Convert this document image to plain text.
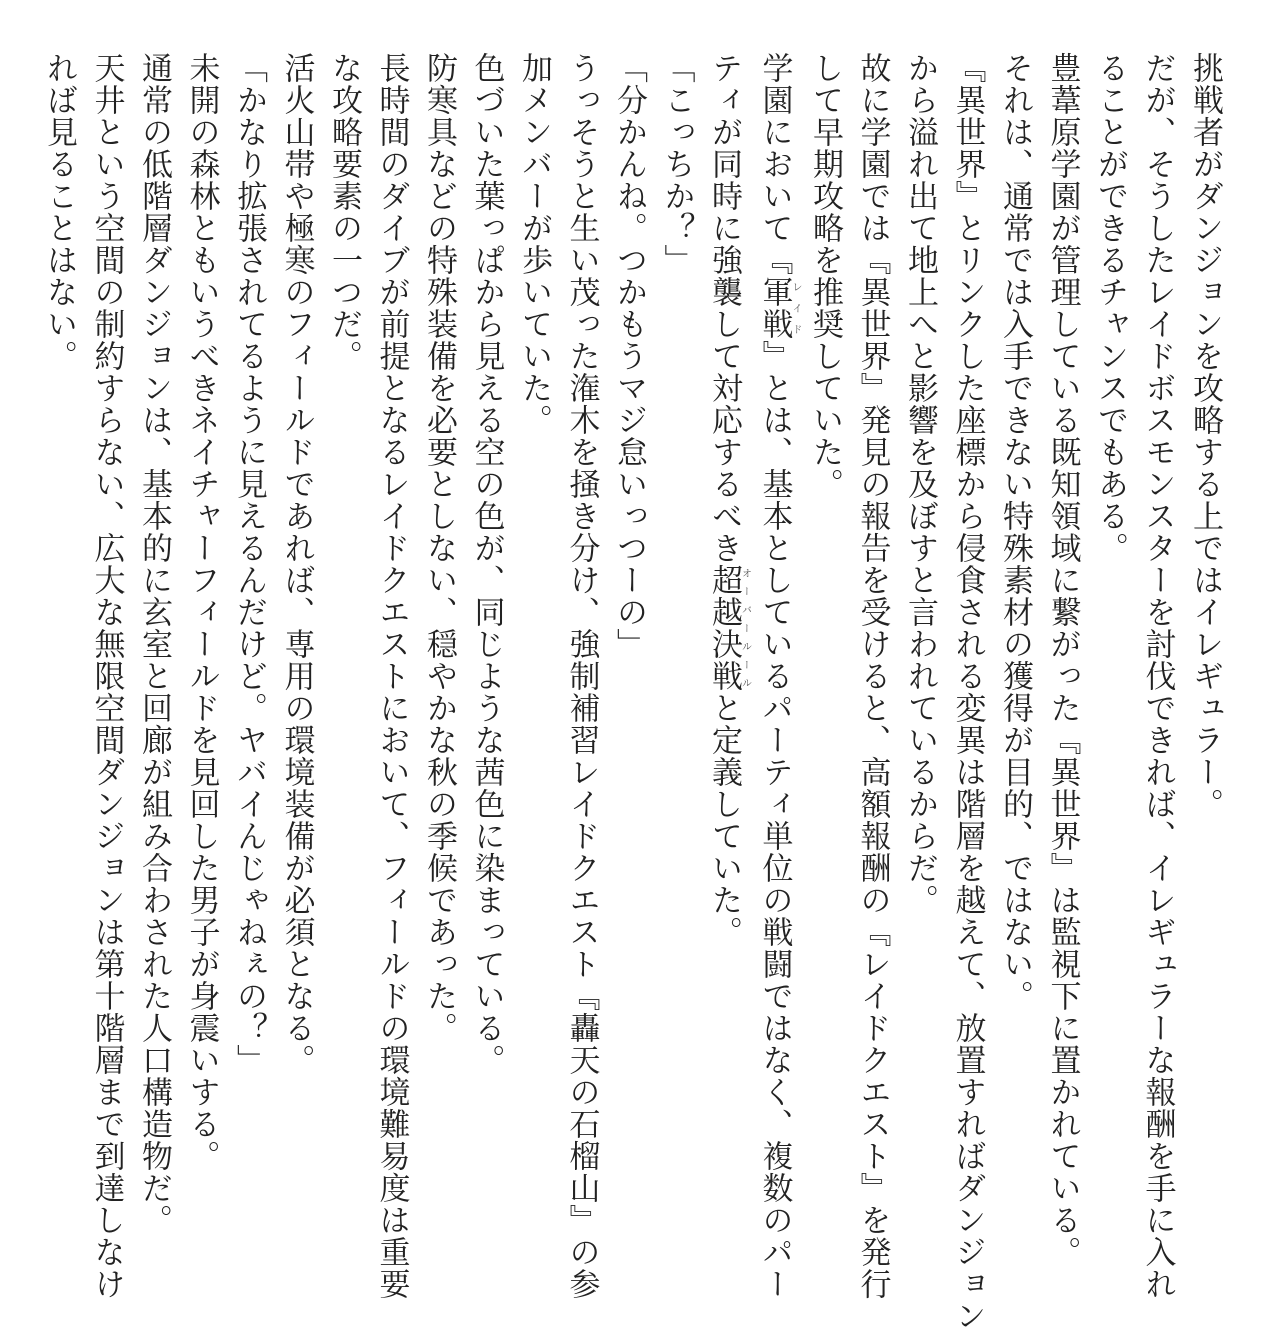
挑戦者がダンジョンを攻略する上ではイレギュラー。
だが、そうしたレイドボスモンスターを討伐できれば、イレギュラーな報酬を手に入れ
ることができるチャンスでもある。
豊葦原学園が管理している既知領域に繋がった『異世界』は監視下に置かれている。
それは、通常では入手できない特殊素材の獲得が目的、ではない。
『異世界』とリンクした座標から侵食される変異は階層を越えて、放置すればダンジョン
から溢れ出て地上へと影響を及ぼすと言われているからだ。
故に学園では『異世界』発見の報告を受けると、高額報酬の『レイドクエスト』を発行
して早期攻略を推奨していた。
学園において『軍戦レイド』とは、基本としているパーティ単位の戦闘ではなく、複数のパー
ティが同時に強襲して対応するべき超越決戦オーバールールと定義していた。
「こっちか？」
「分かんね。つかもうマジ怠いっつーの」
うっそうと生い茂った潅木を掻き分け、強制補習レイドクエスト『轟天の石榴山』の参
加メンバーが歩いていた。
色づいた葉っぱから見える空の色が、同じような茜色に染まっている。
防寒具などの特殊装備を必要としない、穏やかな秋の季候であった。
長時間のダイブが前提となるレイドクエストにおいて、フィールドの環境難易度は重要
な攻略要素の一つだ。
活火山帯や極寒のフィールドであれば、専用の環境装備が必須となる。
「かなり拡張されてるように見えるんだけど。ヤバイんじゃねぇの？」
未開の森林ともいうべきネイチャーフィールドを見回した男子が身震いする。
通常の低階層ダンジョンは、基本的に玄室と回廊が組み合わされた人口構造物だ。
天井という空間の制約すらない、広大な無限空間ダンジョンは第十階層まで到達しなけ
れば見ることはない。
